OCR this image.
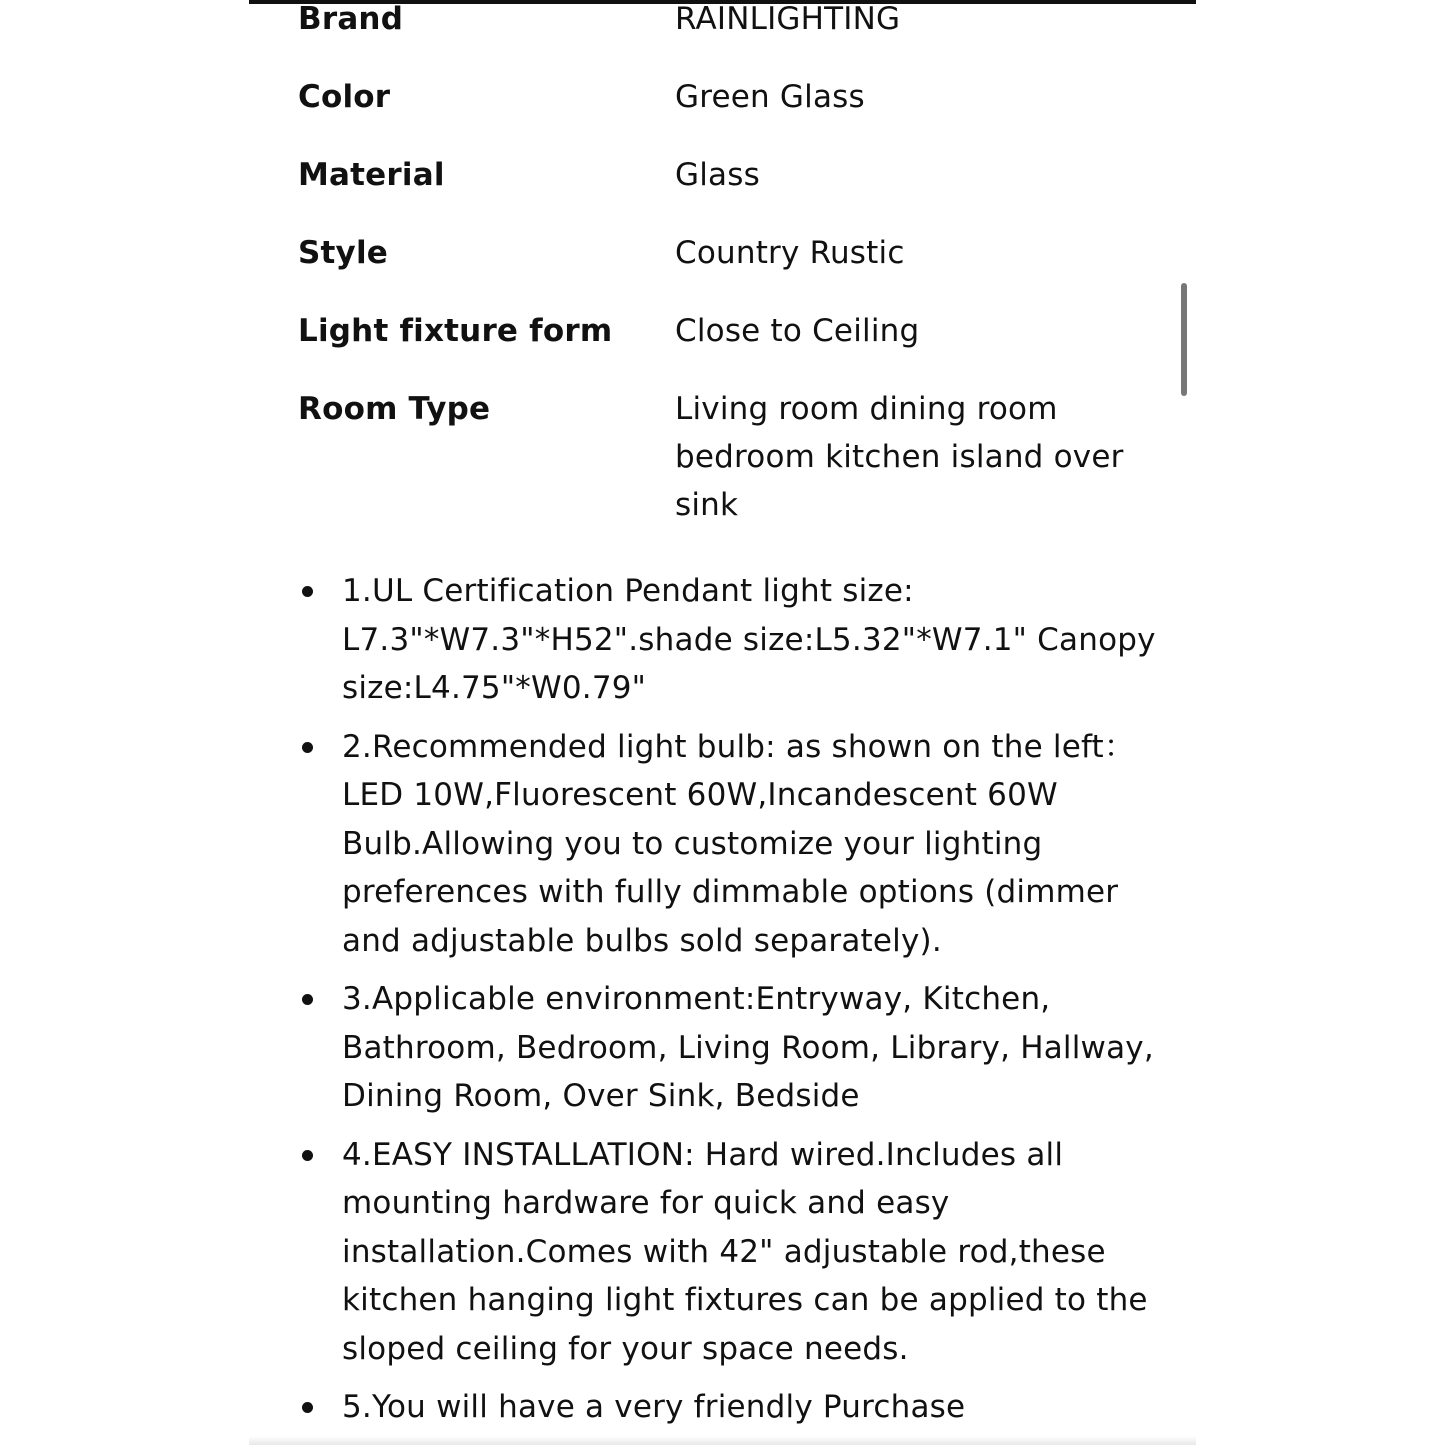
Brand	RAINLIGHTING
Color	Green Glass
Material	Glass
Style	Country Rustic
Light fixture form	Close to Ceiling
Room Type	Living room dining room bedroom kitchen island over sink
1.UL Certification Pendant light size: L7.3"*W7.3"*H52".shade size:L5.32"*W7.1" Canopy size:L4.75"*W0.79"
2.Recommended light bulb: as shown on the left： LED 10W,Fluorescent 60W,Incandescent 60W Bulb.Allowing you to customize your lighting preferences with fully dimmable options (dimmer and adjustable bulbs sold separately).
3.Applicable environment:Entryway, Kitchen, Bathroom, Bedroom, Living Room, Library, Hallway, Dining Room, Over Sink, Bedside
4.EASY INSTALLATION: Hard wired.Includes all mounting hardware for quick and easy installation.Comes with 42" adjustable rod,these kitchen hanging light fixtures can be applied to the sloped ceiling for your space needs.
5.You will have a very friendly Purchase
